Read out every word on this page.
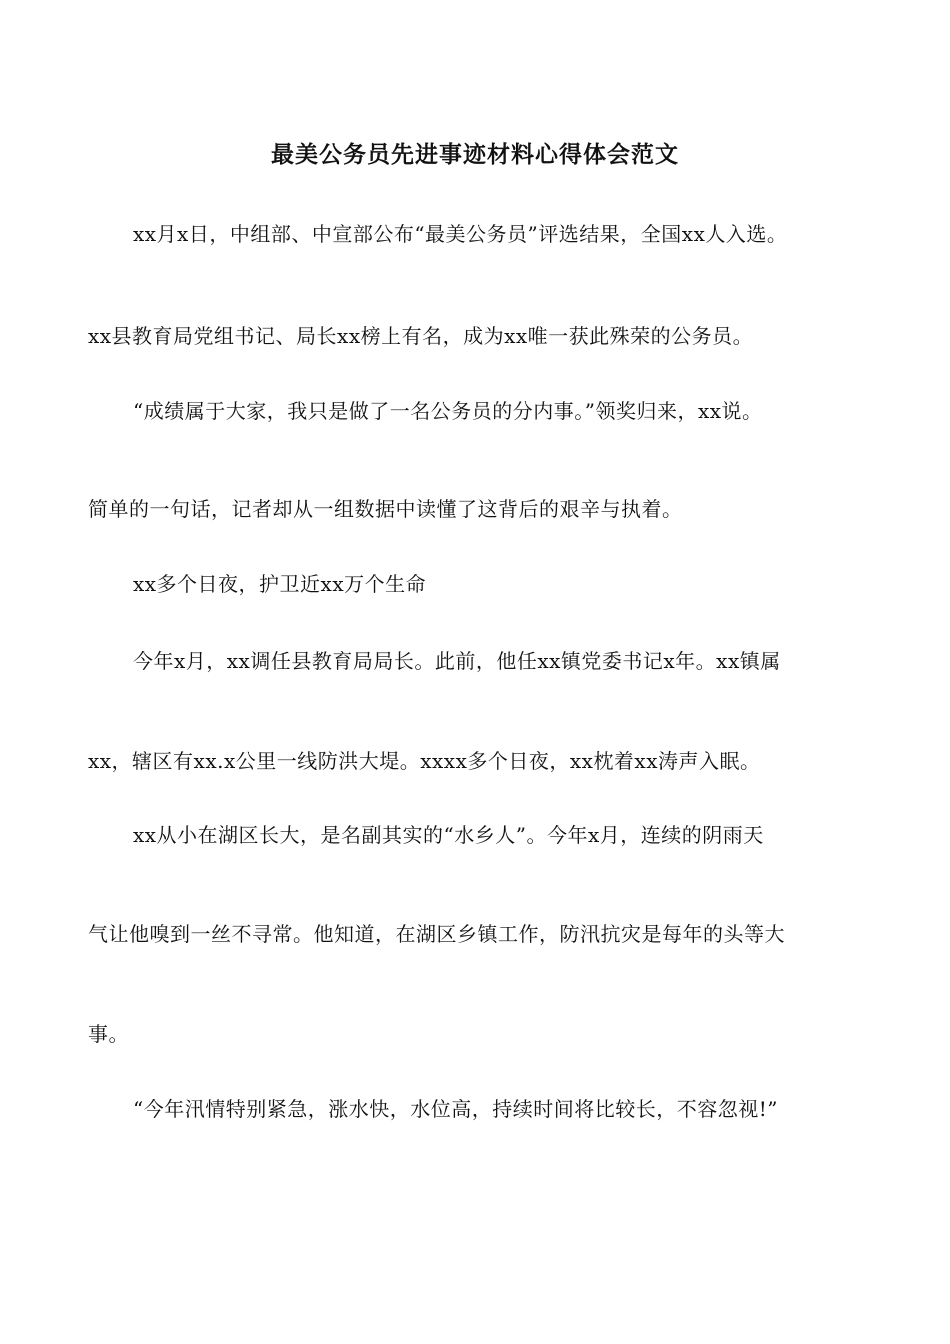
最美公务员先进事迹材料心得体会范文
xx月x日，中组部、中宣部公布“最美公务员”评选结果，全国xx人入选。
xx县教育局党组书记、局长xx榜上有名，成为xx唯一获此殊荣的公务员。
“成绩属于大家，我只是做了一名公务员的分内事。”领奖归来，xx说。
简单的一句话，记者却从一组数据中读懂了这背后的艰辛与执着。
xx多个日夜，护卫近xx万个生命
今年x月，xx调任县教育局局长。此前，他任xx镇党委书记x年。xx镇属
xx，辖区有xx.x公里一线防洪大堤。xxxx多个日夜，xx枕着xx涛声入眠。
xx从小在湖区长大，是名副其实的“水乡人”。今年x月，连续的阴雨天
气让他嗅到一丝不寻常。他知道，在湖区乡镇工作，防汛抗灾是每年的头等大
事。
“今年汛情特别紧急，涨水快，水位高，持续时间将比较长，不容忽视!”
